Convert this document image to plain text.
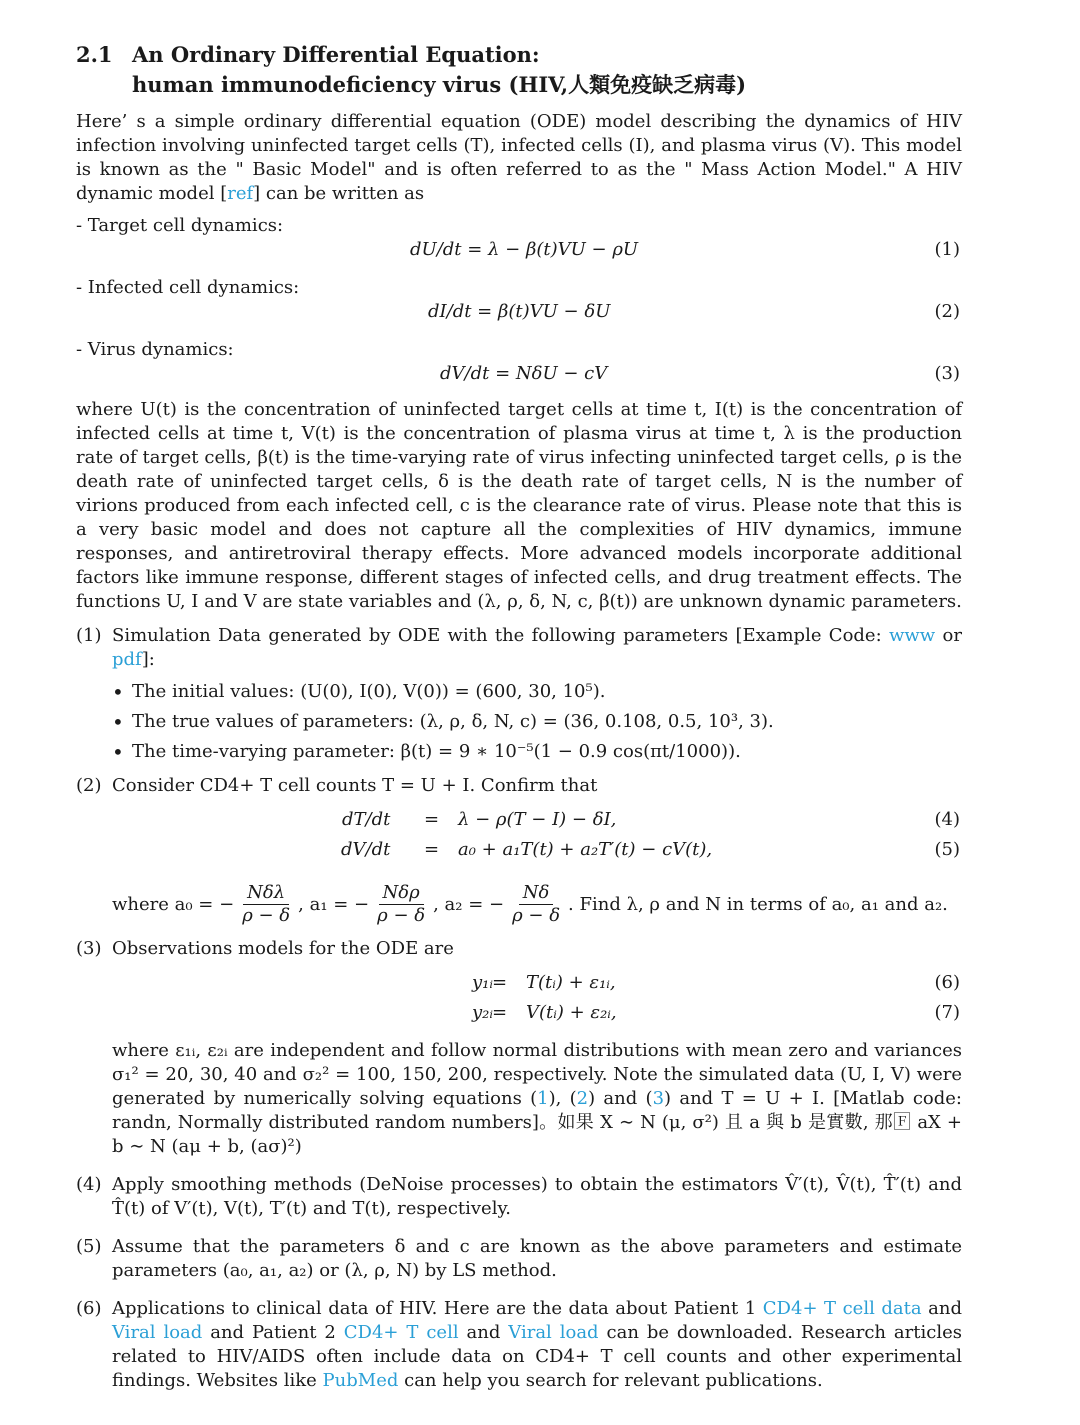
2.1 An Ordinary Differential Equation:
human immunodeficiency virus (HIV,人類免疫缺乏病毒)

Here’ s a simple ordinary differential equation (ODE) model describing the dynamics of HIV infection involving uninfected target cells (T), infected cells (I), and plasma virus (V). This model is known as the " Basic Model" and is often referred to as the " Mass Action Model." A HIV dynamic model [ref] can be written as

- Target cell dynamics:
dU/dt = λ − β(t)VU − ρU	(1)
- Infected cell dynamics:
dI/dt = β(t)VU − δU	(2)
- Virus dynamics:
dV/dt = NδU − cV	(3)

where U(t) is the concentration of uninfected target cells at time t, I(t) is the concentration of infected cells at time t, V(t) is the concentration of plasma virus at time t, λ is the production rate of target cells, β(t) is the time-varying rate of virus infecting uninfected target cells, ρ is the death rate of uninfected target cells, δ is the death rate of target cells, N is the number of virions produced from each infected cell, c is the clearance rate of virus. Please note that this is a very basic model and does not capture all the complexities of HIV dynamics, immune responses, and antiretroviral therapy effects. More advanced models incorporate additional factors like immune response, different stages of infected cells, and drug treatment effects. The functions U, I and V are state variables and (λ, ρ, δ, N, c, β(t)) are unknown dynamic parameters.

(1) Simulation Data generated by ODE with the following parameters [Example Code: www or pdf]:
• The initial values: (U(0), I(0), V(0)) = (600, 30, 10⁵).
• The true values of parameters: (λ, ρ, δ, N, c) = (36, 0.108, 0.5, 10³, 3).
• The time-varying parameter: β(t) = 9 ∗ 10⁻⁵(1 − 0.9 cos(πt/1000)).
(2) Consider CD4+ T cell counts T = U + I. Confirm that
dT/dt = λ − ρ(T − I) − δI,	(4)
dV/dt = a₀ + a₁T(t) + a₂T′(t) − cV(t),	(5)
where a₀ = − $\frac{\text{Nδλ}}{\rho - \delta}$ , a₁ = − $\frac{\text{Nδρ}}{\rho - \delta}$ , a₂ = − $\frac{N\delta}{\rho - \delta}$ . Find λ, ρ and N in terms of a₀, a₁ and a₂.
(3) Observations models for the ODE are
y₁ᵢ
= T(tᵢ) + ε₁ᵢ,	(6)
y₂ᵢ
= V(tᵢ) + ε₂ᵢ,	(7)

where ε₁ᵢ, ε₂ᵢ are independent and follow normal distributions with mean zero and variances σ₁² = 20, 30, 40 and σ₂² = 100, 150, 200, respectively. Note the simulated data (U, I, V) were generated by numerically solving equations (1), (2) and (3) and T = U + I. [Matlab code: randn, Normally distributed random numbers]。如果 X ∼ N (μ, σ²) 且 a 與 b 是實數, 那🄵 aX + b ∼ N (aμ + b, (aσ)²)

(4) Apply smoothing methods (DeNoise processes) to obtain the estimators V̂′(t), V̂(t), T̂′(t) and T̂(t) of V′(t), V(t), T′(t) and T(t), respectively.
(5) Assume that the parameters δ and c are known as the above parameters and estimate parameters (a₀, a₁, a₂) or (λ, ρ, N) by LS method.
(6) Applications to clinical data of HIV. Here are the data about Patient 1 CD4+ T cell data and Viral load and Patient 2 CD4+ T cell and Viral load can be downloaded. Research articles related to HIV/AIDS often include data on CD4+ T cell counts and other experimental findings. Websites like PubMed can help you search for relevant publications.
